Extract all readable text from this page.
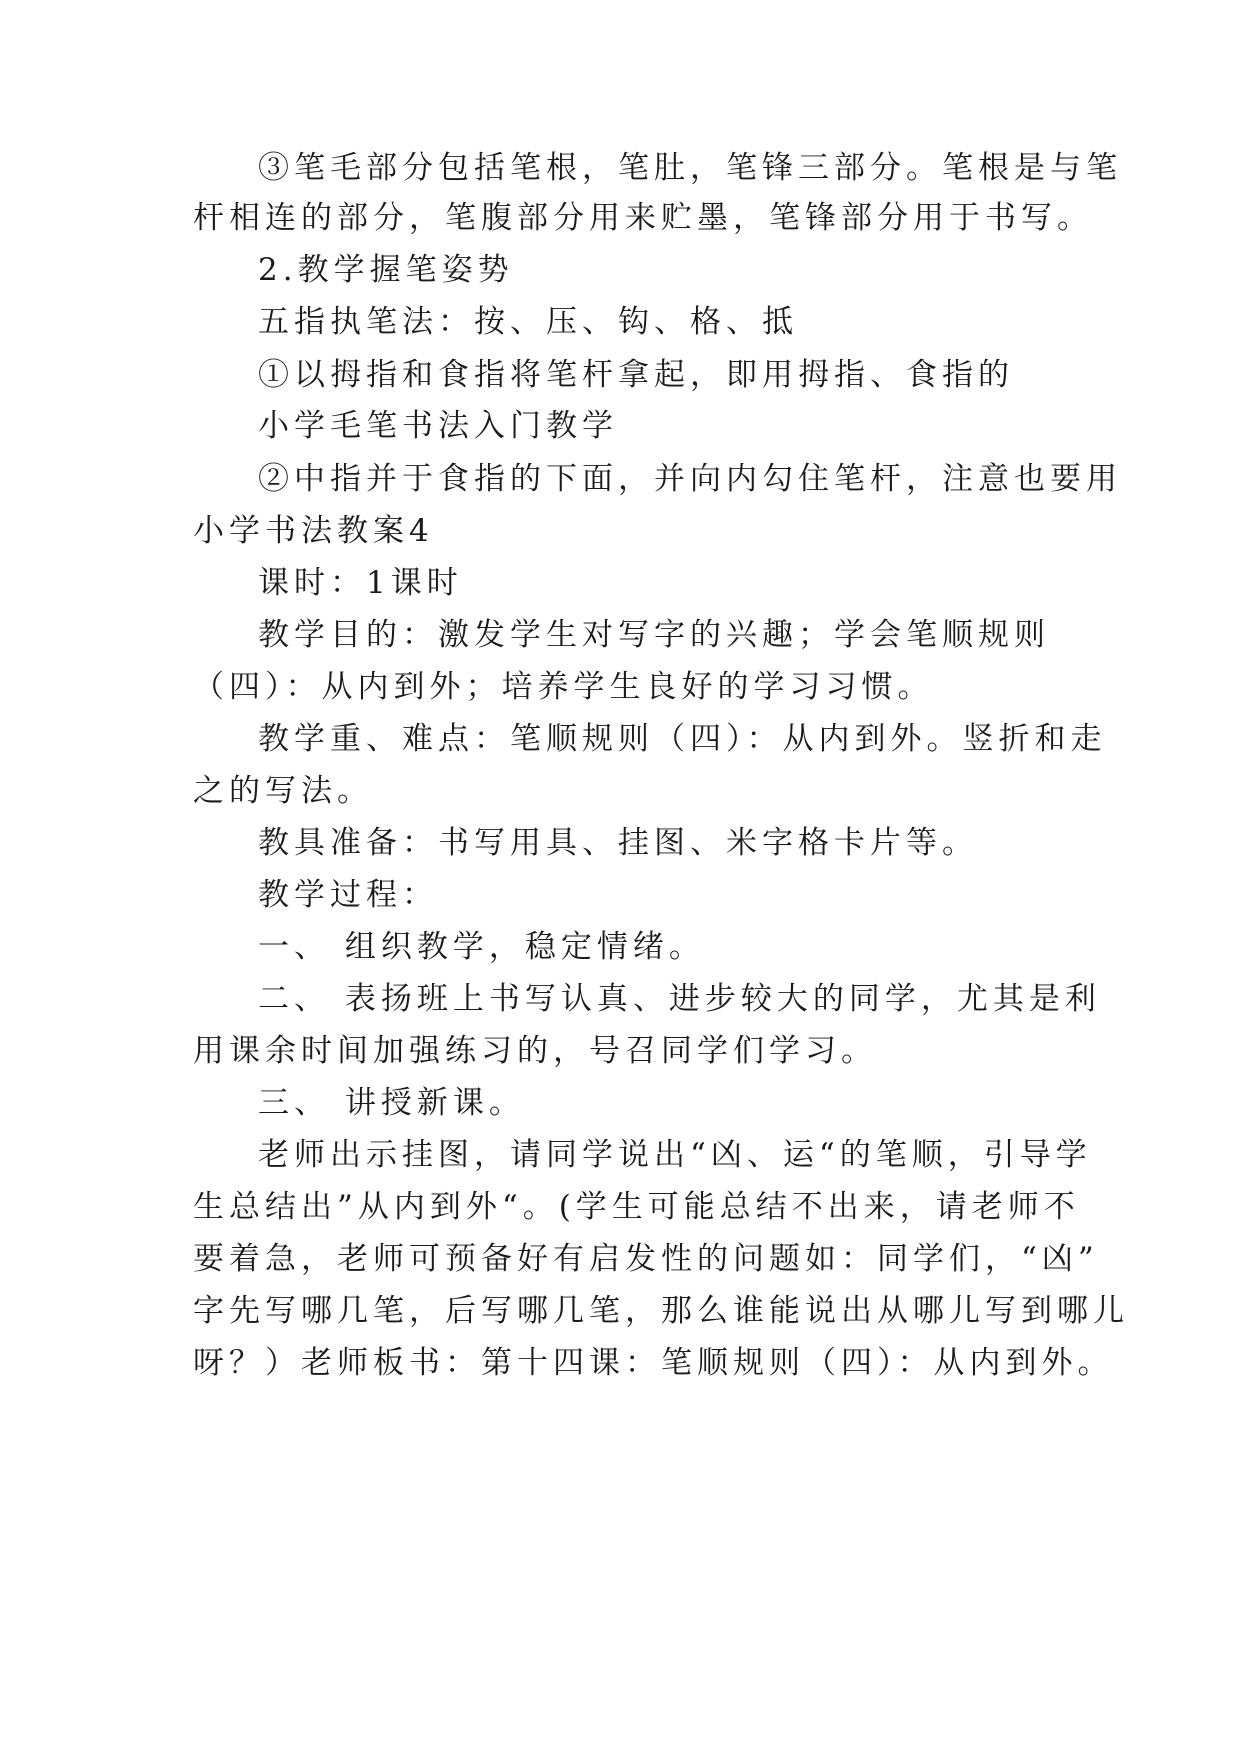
③笔毛部分包括笔根，笔肚，笔锋三部分。笔根是与笔
杆相连的部分，笔腹部分用来贮墨，笔锋部分用于书写。
2.教学握笔姿势
五指执笔法：按、压、钩、格、抵
①以拇指和食指将笔杆拿起，即用拇指、食指的
小学毛笔书法入门教学
②中指并于食指的下面，并向内勾住笔杆，注意也要用
小学书法教案4
课时：1课时
教学目的：激发学生对写字的兴趣；学会笔顺规则
（四）：从内到外；培养学生良好的学习习惯。
教学重、难点：笔顺规则（四）：从内到外。竖折和走
之的写法。
教具准备：书写用具、挂图、米字格卡片等。
教学过程：
一、 组织教学，稳定情绪。
二、 表扬班上书写认真、进步较大的同学，尤其是利
用课余时间加强练习的，号召同学们学习。
三、 讲授新课。
老师出示挂图，请同学说出“凶、运“的笔顺，引导学
生总结出”从内到外“。(学生可能总结不出来，请老师不
要着急，老师可预备好有启发性的问题如：同学们，“凶”
字先写哪几笔，后写哪几笔，那么谁能说出从哪儿写到哪儿
呀？）老师板书：第十四课：笔顺规则（四）：从内到外。
